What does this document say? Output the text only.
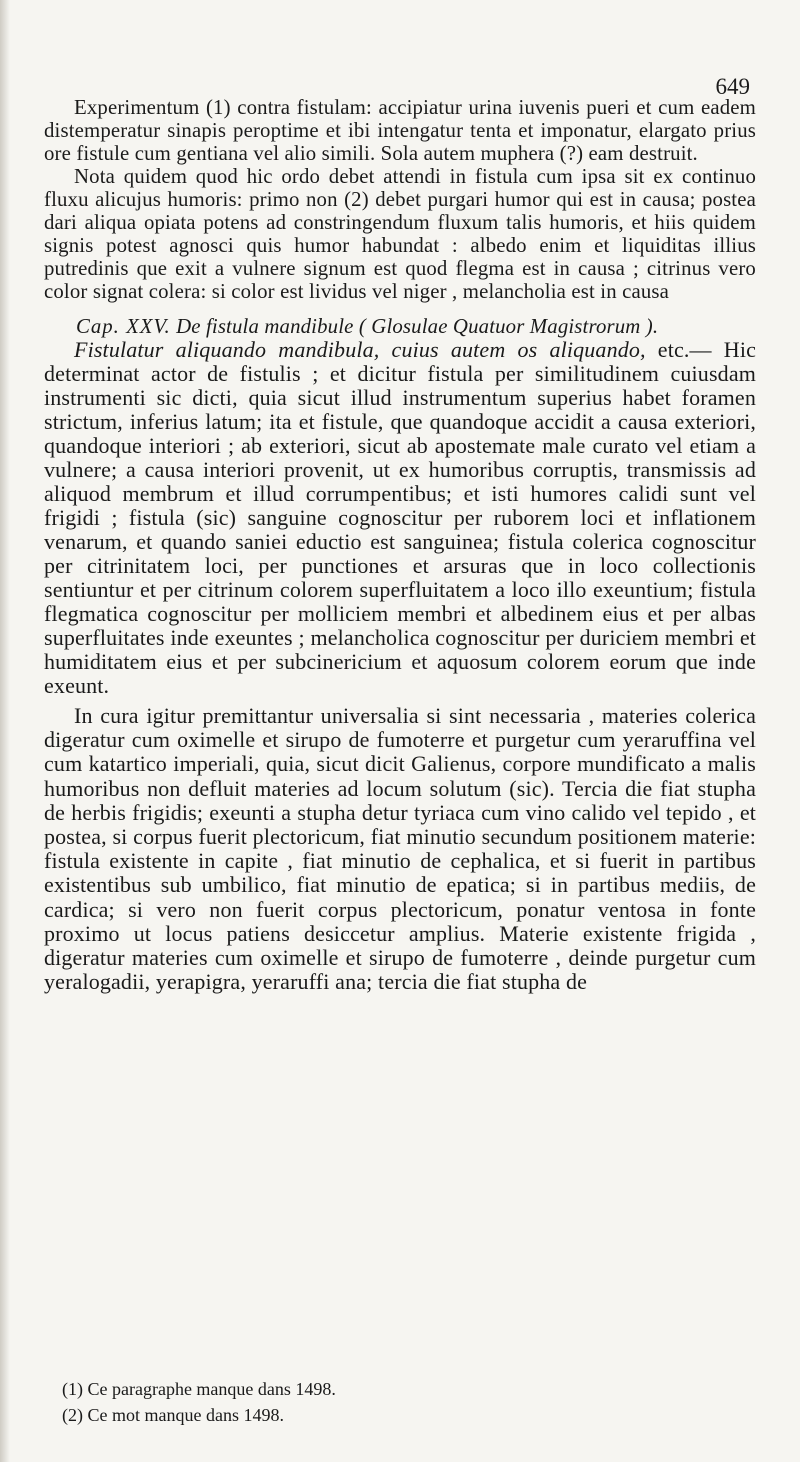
649

Experimentum (1) contra fistulam: accipiatur urina iuvenis pueri et cum eadem distemperatur sinapis peroptime et ibi intengatur tenta et imponatur, elargato prius ore fistule cum gentiana vel alio simili. Sola autem muphera (?) eam destruit.

Nota quidem quod hic ordo debet attendi in fistula cum ipsa sit ex continuo fluxu alicujus humoris: primo non (2) debet purgari humor qui est in causa; postea dari aliqua opiata potens ad constringendum fluxum talis humoris, et hiis quidem signis potest agnosci quis humor habundat : albedo enim et liquiditas illius putredinis que exit a vulnere signum est quod flegma est in causa ; citrinus vero color signat colera: si color est lividus vel niger , melancholia est in causa

Cap. XXV. De fistula mandibule ( Glosulae Quatuor Magistrorum ).

Fistulatur aliquando mandibula, cuius autem os aliquando, etc.— Hic determinat actor de fistulis ; et dicitur fistula per similitudinem cuiusdam instrumenti sic dicti, quia sicut illud instrumentum superius habet foramen strictum, inferius latum; ita et fistule, que quandoque accidit a causa exteriori, quandoque interiori ; ab exteriori, sicut ab apostemate male curato vel etiam a vulnere; a causa interiori provenit, ut ex humoribus corruptis, transmissis ad aliquod membrum et illud corrumpentibus; et isti humores calidi sunt vel frigidi ; fistula (sic) sanguine cognoscitur per ruborem loci et inflationem venarum, et quando saniei eductio est sanguinea; fistula colerica cognoscitur per citrinitatem loci, per punctiones et arsuras que in loco collectionis sentiuntur et per citrinum colorem superfluitatem a loco illo exeuntium; fistula flegmatica cognoscitur per molliciem membri et albedinem eius et per albas superfluitates inde exeuntes ; melancholica cognoscitur per duriciem membri et humiditatem eius et per subcinericium et aquosum colorem eorum que inde exeunt.

In cura igitur premittantur universalia si sint necessaria , materies colerica digeratur cum oximelle et sirupo de fumoterre et purgetur cum yeraruffina vel cum katartico imperiali, quia, sicut dicit Galienus, corpore mundificato a malis humoribus non defluit materies ad locum solutum (sic). Tercia die fiat stupha de herbis frigidis; exeunti a stupha detur tyriaca cum vino calido vel tepido , et postea, si corpus fuerit plectoricum, fiat minutio secundum positionem materie: fistula existente in capite , fiat minutio de cephalica, et si fuerit in partibus existentibus sub umbilico, fiat minutio de epatica; si in partibus mediis, de cardica; si vero non fuerit corpus plectoricum, ponatur ventosa in fonte proximo ut locus patiens desiccetur amplius. Materie existente frigida , digeratur materies cum oximelle et sirupo de fumoterre , deinde purgetur cum yeralogadii, yerapigra, yeraruffi ana; tercia die fiat stupha de

(1) Ce paragraphe manque dans 1498.
(2) Ce mot manque dans 1498.
